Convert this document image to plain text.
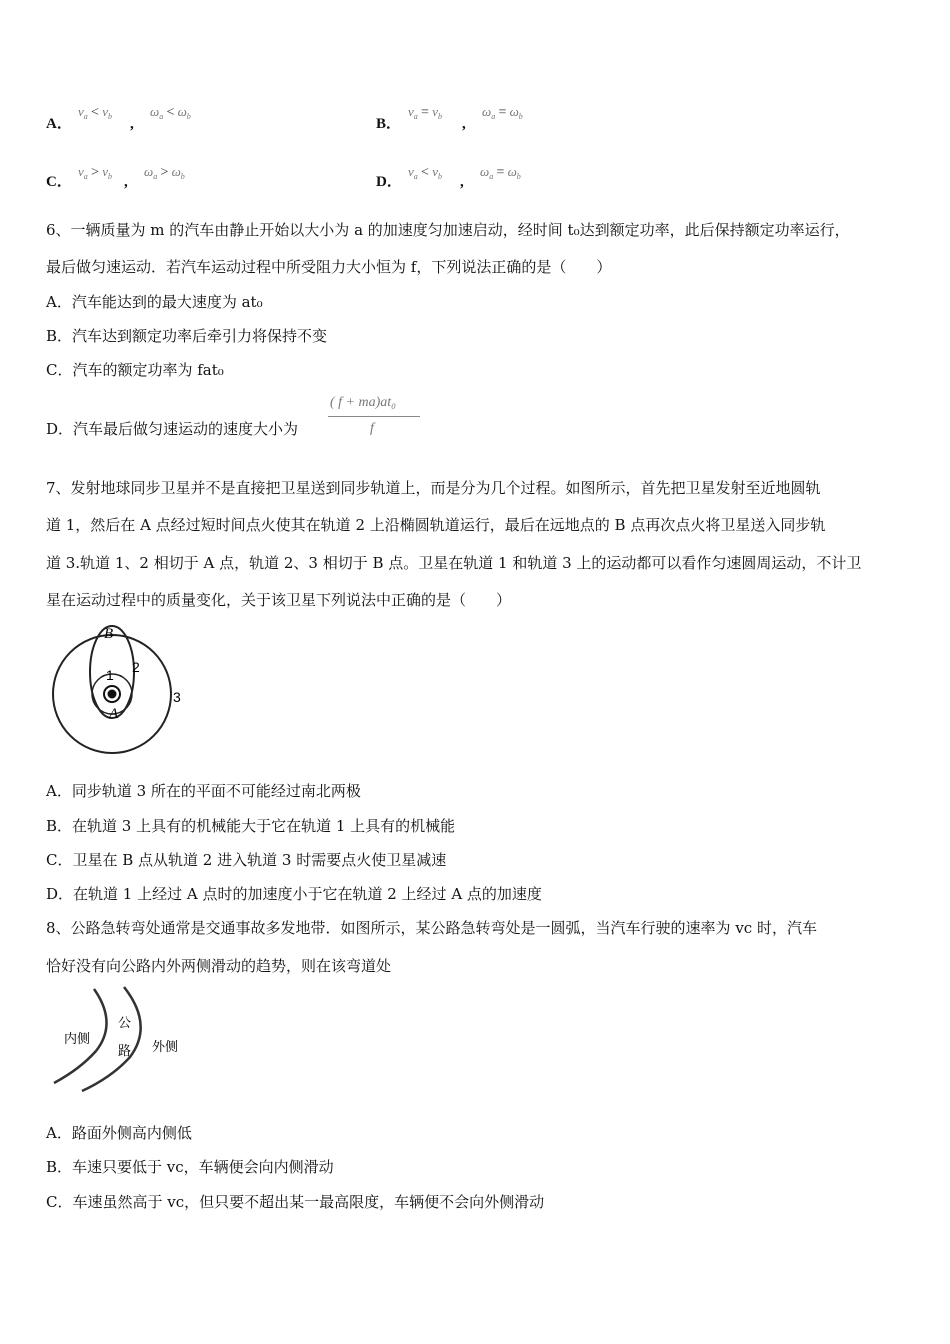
A．
$v_a < v_b$ ,
$\omega_a < \omega_b$	B．
$v_a = v_b$ ,
$\omega_a = \omega_b$
C．
$v_a > v_b$ ,
$\omega_a > \omega_b$	D．
$v_a < v_b$ ,
$\omega_a = \omega_b$
6、一辆质量为 m 的汽车由静止开始以大小为 a 的加速度匀加速启动，经时间 t₀达到额定功率，此后保持额定功率运行，
最后做匀速运动．若汽车运动过程中所受阻力大小恒为 f，下列说法正确的是（　　）
A．汽车能达到的最大速度为 at₀
B．汽车达到额定功率后牵引力将保持不变
C．汽车的额定功率为 fat₀
D．汽车最后做匀速运动的速度大小为
( f + ma)at₀
f
7、发射地球同步卫星并不是直接把卫星送到同步轨道上，而是分为几个过程。如图所示，首先把卫星发射至近地圆轨
道 1，然后在 A 点经过短时间点火使其在轨道 2 上沿椭圆轨道运行，最后在远地点的 B 点再次点火将卫星送入同步轨
道 3.轨道 1、2 相切于 A 点，轨道 2、3 相切于 B 点。卫星在轨道 1 和轨道 3 上的运动都可以看作匀速圆周运动，不计卫
星在运动过程中的质量变化，关于该卫星下列说法中正确的是（　　）
B
1 2
A
3
A．同步轨道 3 所在的平面不可能经过南北两极
B．在轨道 3 上具有的机械能大于它在轨道 1 上具有的机械能
C．卫星在 B 点从轨道 2 进入轨道 3 时需要点火使卫星减速
D．在轨道 1 上经过 A 点时的加速度小于它在轨道 2 上经过 A 点的加速度
8、公路急转弯处通常是交通事故多发地带．如图所示，某公路急转弯处是一圆弧，当汽车行驶的速率为 vc 时，汽车
恰好没有向公路内外两侧滑动的趋势，则在该弯道处
内侧
公
路 外侧
A．路面外侧高内侧低
B．车速只要低于 vc，车辆便会向内侧滑动
C．车速虽然高于 vc，但只要不超出某一最高限度，车辆便不会向外侧滑动
